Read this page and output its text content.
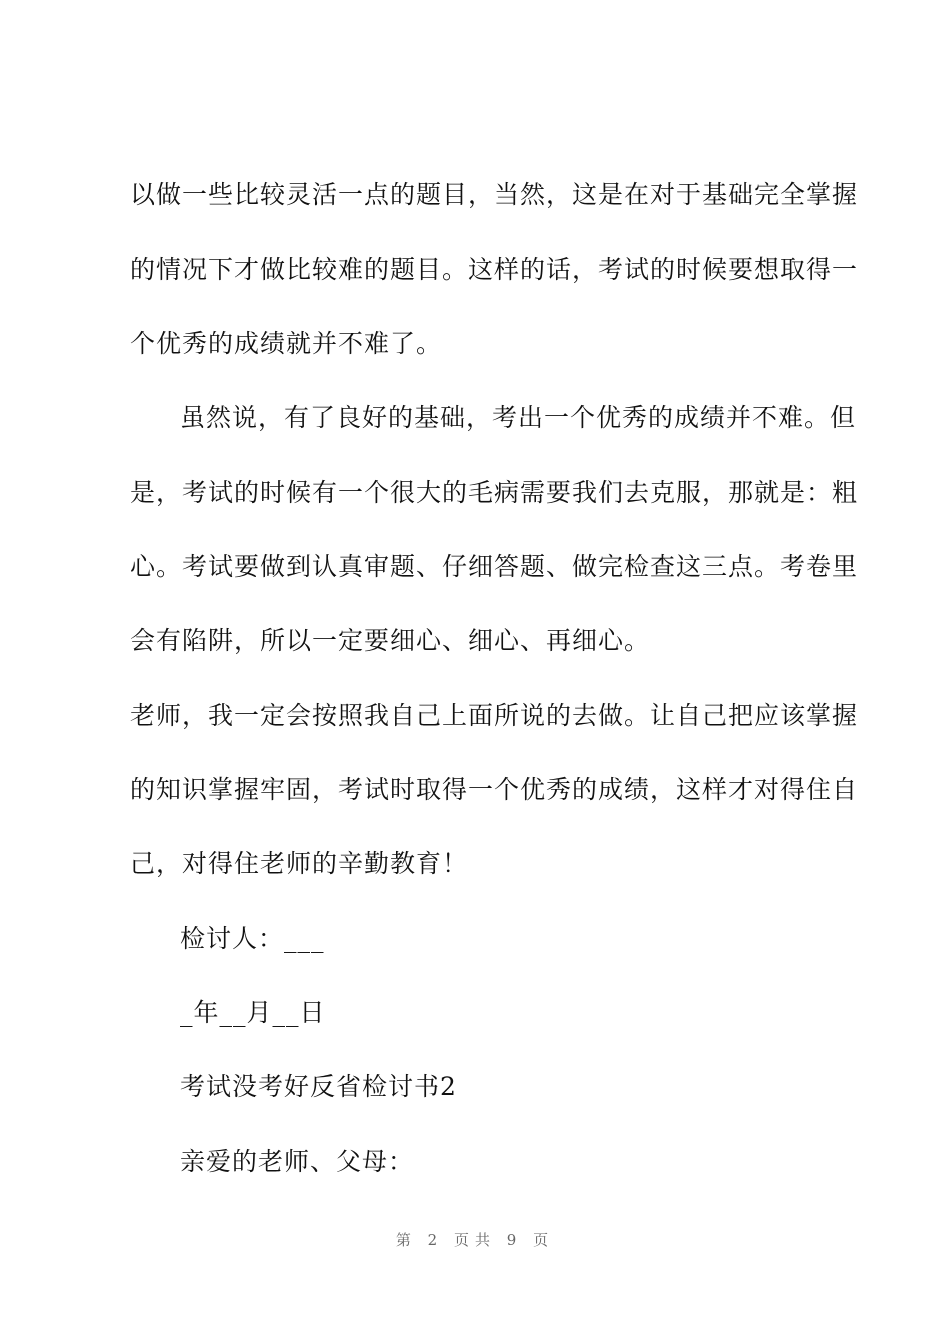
以做一些比较灵活一点的题目，当然，这是在对于基础完全掌握
的情况下才做比较难的题目。这样的话，考试的时候要想取得一
个优秀的成绩就并不难了。
虽然说，有了良好的基础，考出一个优秀的成绩并不难。但
是，考试的时候有一个很大的毛病需要我们去克服，那就是：粗
心。考试要做到认真审题、仔细答题、做完检查这三点。考卷里
会有陷阱，所以一定要细心、细心、再细心。
老师，我一定会按照我自己上面所说的去做。让自己把应该掌握
的知识掌握牢固，考试时取得一个优秀的成绩，这样才对得住自
己，对得住老师的辛勤教育！
检讨人：___
_年__月__日
考试没考好反省检讨书2
亲爱的老师、父母：
第 2 页共 9 页
